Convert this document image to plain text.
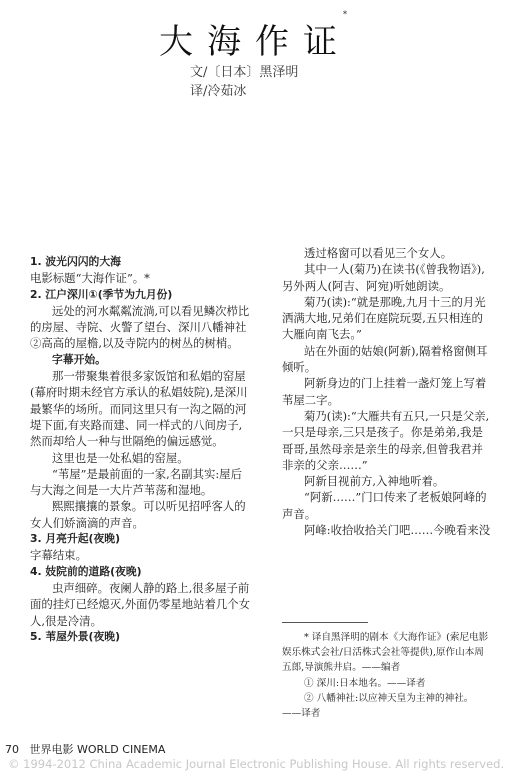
大海作证
*
文/〔日本〕黑泽明
译/冷茹冰

1. 波光闪闪的大海

电影标题“大海作证”。*

2. 江户深川①(季节为九月份)

远处的河水粼粼流淌,可以看见鳞次栉比的房屋、寺院、火警了望台、深川八幡神社②高高的屋檐,以及寺院内的树丛的树梢。

字幕开始。

那一带聚集着很多家饭馆和私娼的窑屋(幕府时期未经官方承认的私娼妓院),是深川最繁华的场所。而同这里只有一沟之隔的河堤下面,有夹路而建、同一样式的八间房子,然而却给人一种与世隔绝的偏远感觉。

这里也是一处私娼的窑屋。

“苇屋”是最前面的一家,名副其实:屋后与大海之间是一大片芦苇荡和湿地。

熙熙攘攘的景象。可以听见招呼客人的女人们娇滴滴的声音。

3. 月亮升起(夜晚)

字幕结束。

4. 妓院前的道路(夜晚)

虫声细碎。夜阑人静的路上,很多屋子前面的挂灯已经熄灭,外面仍零星地站着几个女人,很是冷清。

5. 苇屋外景(夜晚)

透过格窗可以看见三个女人。

其中一人(菊乃)在读书(《曾我物语》),另外两人(阿吉、阿宛)听她朗读。

菊乃(读):“就是那晚,九月十三的月光洒满大地,兄弟们在庭院玩耍,五只相连的大雁向南飞去。”

站在外面的姑娘(阿新),隔着格窗侧耳倾听。

阿新身边的门上挂着一盏灯笼上写着苇屋二字。

菊乃(读):“大雁共有五只,一只是父亲,一只是母亲,三只是孩子。你是弟弟,我是哥哥,虽然母亲是亲生的母亲,但曾我君并非亲的父亲……”

阿新目视前方,入神地听着。

“阿新……”门口传来了老板娘阿峰的声音。

阿峰:收拾收拾关门吧……今晚看来没

* 译自黑泽明的剧本《大海作证》(索尼电影娱乐株式会社/日活株式会社等提供),原作山本周五郎,导演熊井启。——编者

① 深川:日本地名。——译者

② 八幡神社:以应神天皇为主神的神社。——译者

70 世界电影 WORLD CINEMA
© 1994-2012 China Academic Journal Electronic Publishing House. All rights reserved.
